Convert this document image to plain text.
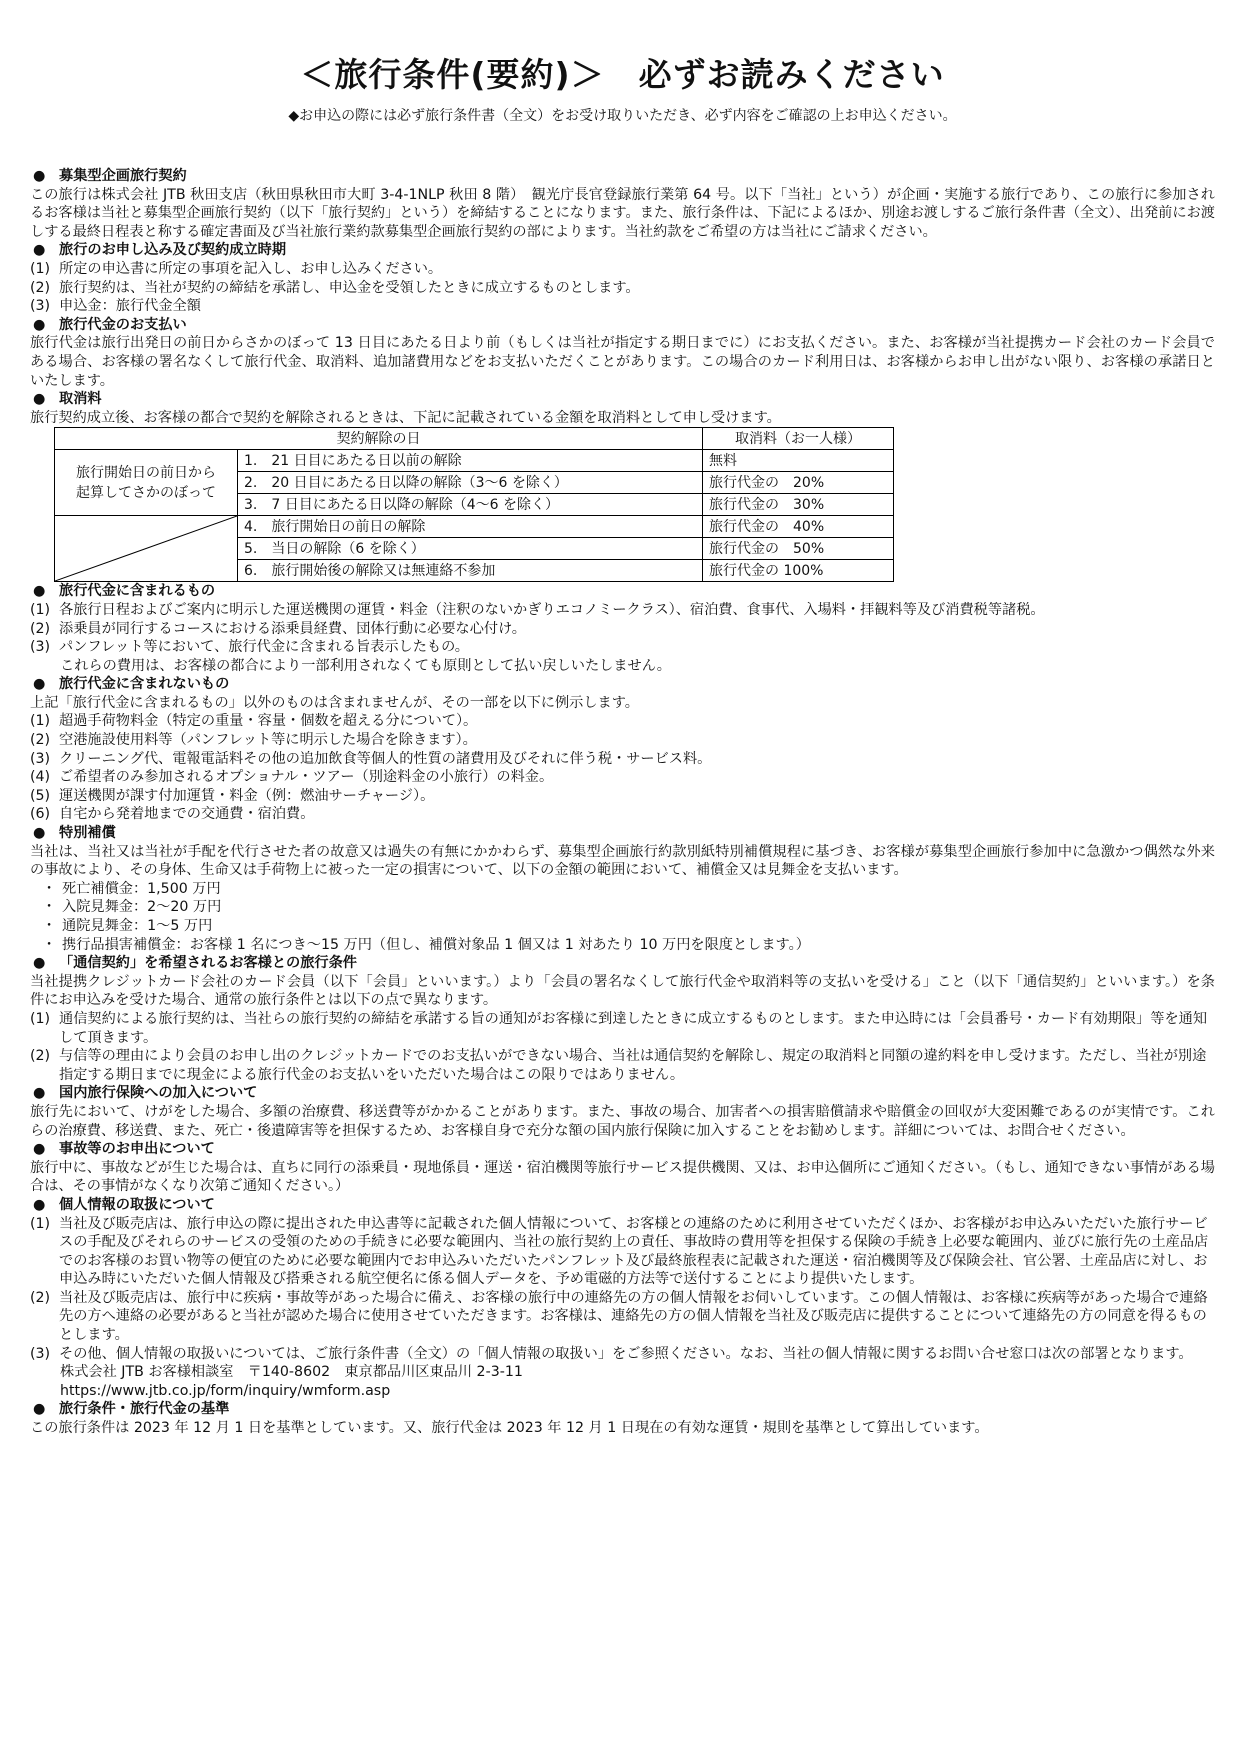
＜旅行条件(要約)＞　必ずお読みください
◆お申込の際には必ず旅行条件書（全文）をお受け取りいただき、必ず内容をご確認の上お申込ください。
● 募集型企画旅行契約
この旅行は株式会社 JTB 秋田支店（秋田県秋田市大町 3-4-1NLP 秋田 8 階）　観光庁長官登録旅行業第 64 号。以下「当社」という）が企画・実施する旅行であり、この旅行に参加されるお客様は当社と募集型企画旅行契約（以下「旅行契約」という）を締結することになります。また、旅行条件は、下記によるほか、別途お渡しするご旅行条件書（全文）、出発前にお渡しする最終日程表と称する確定書面及び当社旅行業約款募集型企画旅行契約の部によります。当社約款をご希望の方は当社にご請求ください。
● 旅行のお申し込み及び契約成立時期
(1) 所定の申込書に所定の事項を記入し、お申し込みください。
(2) 旅行契約は、当社が契約の締結を承諾し、申込金を受領したときに成立するものとします。
(3) 申込金：旅行代金全額
● 旅行代金のお支払い
旅行代金は旅行出発日の前日からさかのぼって 13 日目にあたる日より前（もしくは当社が指定する期日までに）にお支払ください。また、お客様が当社提携カード会社のカード会員である場合、お客様の署名なくして旅行代金、取消料、追加諸費用などをお支払いただくことがあります。この場合のカード利用日は、お客様からお申し出がない限り、お客様の承諾日といたします。
● 取消料
旅行契約成立後、お客様の都合で契約を解除されるときは、下記に記載されている金額を取消料として申し受けます。
契約解除の日		取消料（お一人様）
旅行開始日の前日から
起算してさかのぼって	1.　21 日目にあたる日以前の解除	無料
	2.　20 日目にあたる日以降の解除（3～6 を除く）	旅行代金の　20%
	3.　7 日目にあたる日以降の解除（4～6 を除く）	旅行代金の　30%

	4.　旅行開始日の前日の解除	旅行代金の　40%
	5.　当日の解除（6 を除く）	旅行代金の　50%
	6.　旅行開始後の解除又は無連絡不参加	旅行代金の 100%
● 旅行代金に含まれるもの
(1) 各旅行日程およびご案内に明示した運送機関の運賃・料金（注釈のないかぎりエコノミークラス）、宿泊費、食事代、入場料・拝観料等及び消費税等諸税。
(2) 添乗員が同行するコースにおける添乗員経費、団体行動に必要な心付け。
(3) パンフレット等において、旅行代金に含まれる旨表示したもの。
これらの費用は、お客様の都合により一部利用されなくても原則として払い戻しいたしません。
● 旅行代金に含まれないもの
上記「旅行代金に含まれるもの」以外のものは含まれませんが、その一部を以下に例示します。
(1) 超過手荷物料金（特定の重量・容量・個数を超える分について）。
(2) 空港施設使用料等（パンフレット等に明示した場合を除きます）。
(3) クリーニング代、電報電話料その他の追加飲食等個人的性質の諸費用及びそれに伴う税・サービス料。
(4) ご希望者のみ参加されるオプショナル・ツアー（別途料金の小旅行）の料金。
(5) 運送機関が課す付加運賃・料金（例：燃油サーチャージ）。
(6) 自宅から発着地までの交通費・宿泊費。
● 特別補償
当社は、当社又は当社が手配を代行させた者の故意又は過失の有無にかかわらず、募集型企画旅行約款別紙特別補償規程に基づき、お客様が募集型企画旅行参加中に急激かつ偶然な外来の事故により、その身体、生命又は手荷物上に被った一定の損害について、以下の金額の範囲において、補償金又は見舞金を支払います。
・ 死亡補償金：1,500 万円
・ 入院見舞金：2～20 万円
・ 通院見舞金：1～5 万円
・ 携行品損害補償金：お客様 1 名につき～15 万円（但し、補償対象品 1 個又は 1 対あたり 10 万円を限度とします。）
● 「通信契約」を希望されるお客様との旅行条件
当社提携クレジットカード会社のカード会員（以下「会員」といいます。）より「会員の署名なくして旅行代金や取消料等の支払いを受ける」こと（以下「通信契約」といいます。）を条件にお申込みを受けた場合、通常の旅行条件とは以下の点で異なります。
(1) 通信契約による旅行契約は、当社らの旅行契約の締結を承諾する旨の通知がお客様に到達したときに成立するものとします。また申込時には「会員番号・カード有効期限」等を通知して頂きます。
(2) 与信等の理由により会員のお申し出のクレジットカードでのお支払いができない場合、当社は通信契約を解除し、規定の取消料と同額の違約料を申し受けます。ただし、当社が別途指定する期日までに現金による旅行代金のお支払いをいただいた場合はこの限りではありません。
● 国内旅行保険への加入について
旅行先において、けがをした場合、多額の治療費、移送費等がかかることがあります。また、事故の場合、加害者への損害賠償請求や賠償金の回収が大変困難であるのが実情です。これらの治療費、移送費、また、死亡・後遺障害等を担保するため、お客様自身で充分な額の国内旅行保険に加入することをお勧めします。詳細については、お問合せください。
● 事故等のお申出について
旅行中に、事故などが生じた場合は、直ちに同行の添乗員・現地係員・運送・宿泊機関等旅行サービス提供機関、又は、お申込個所にご通知ください。（もし、通知できない事情がある場合は、その事情がなくなり次第ご通知ください。）
● 個人情報の取扱について
(1) 当社及び販売店は、旅行申込の際に提出された申込書等に記載された個人情報について、お客様との連絡のために利用させていただくほか、お客様がお申込みいただいた旅行サービスの手配及びそれらのサービスの受領のための手続きに必要な範囲内、当社の旅行契約上の責任、事故時の費用等を担保する保険の手続き上必要な範囲内、並びに旅行先の土産品店でのお客様のお買い物等の便宜のために必要な範囲内でお申込みいただいたパンフレット及び最終旅程表に記載された運送・宿泊機関等及び保険会社、官公署、土産品店に対し、お申込み時にいただいた個人情報及び搭乗される航空便名に係る個人データを、予め電磁的方法等で送付することにより提供いたします。
(2) 当社及び販売店は、旅行中に疾病・事故等があった場合に備え、お客様の旅行中の連絡先の方の個人情報をお伺いしています。この個人情報は、お客様に疾病等があった場合で連絡先の方へ連絡の必要があると当社が認めた場合に使用させていただきます。お客様は、連絡先の方の個人情報を当社及び販売店に提供することについて連絡先の方の同意を得るものとします。
(3) その他、個人情報の取扱いについては、ご旅行条件書（全文）の「個人情報の取扱い」をご参照ください。なお、当社の個人情報に関するお問い合せ窓口は次の部署となります。
株式会社 JTB お客様相談室　〒140-8602　東京都品川区東品川 2-3-11
https://www.jtb.co.jp/form/inquiry/wmform.asp
● 旅行条件・旅行代金の基準
この旅行条件は 2023 年 12 月 1 日を基準としています。又、旅行代金は 2023 年 12 月 1 日現在の有効な運賃・規則を基準として算出しています。
